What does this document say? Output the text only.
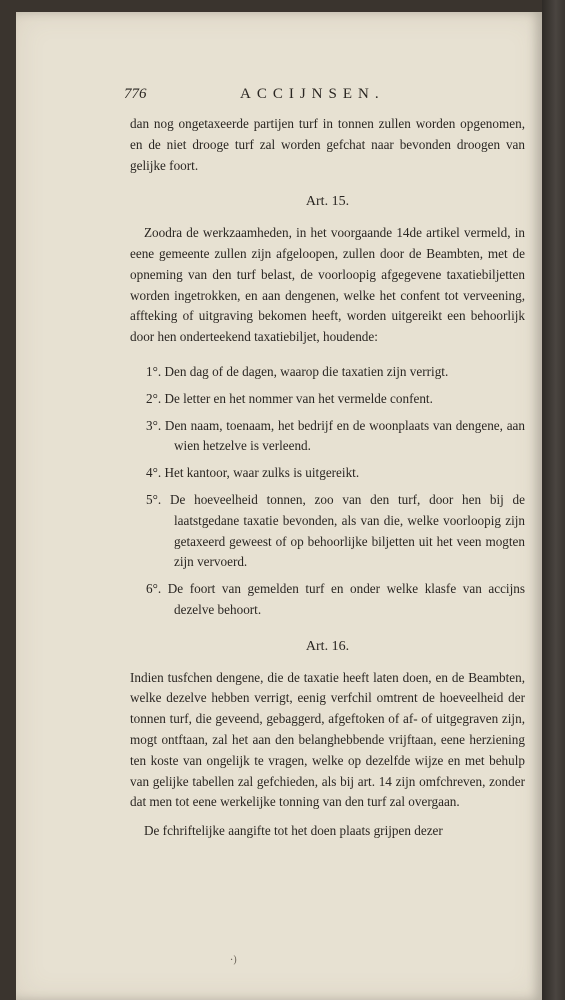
776	ACCIJNSEN.

dan nog ongetaxeerde partijen turf in tonnen zullen worden opgenomen, en de niet drooge turf zal worden gefchat naar bevonden droogen van gelijke foort.

Art. 15.

Zoodra de werkzaamheden, in het voorgaande 14de artikel vermeld, in eene gemeente zullen zijn afgeloopen, zullen door de Beambten, met de opneming van den turf belast, de voorloopig afgegevene taxatiebiljetten worden ingetrokken, en aan dengenen, welke het confent tot verveening, affteking of uitgraving bekomen heeft, worden uitgereikt een behoorlijk door hen onderteekend taxatiebiljet, houdende:

1°. Den dag of de dagen, waarop die taxatien zijn verrigt.
2°. De letter en het nommer van het vermelde confent.
3°. Den naam, toenaam, het bedrijf en de woonplaats van dengene, aan wien hetzelve is verleend.
4°. Het kantoor, waar zulks is uitgereikt.
5°. De hoeveelheid tonnen, zoo van den turf, door hen bij de laatstgedane taxatie bevonden, als van die, welke voorloopig zijn getaxeerd geweest of op behoorlijke biljetten uit het veen mogten zijn vervoerd.
6°. De foort van gemelden turf en onder welke klasfe van accijns dezelve behoort.
Art. 16.

Indien tusfchen dengene, die de taxatie heeft laten doen, en de Beambten, welke dezelve hebben verrigt, eenig verfchil omtrent de hoeveelheid der tonnen turf, die geveend, gebaggerd, afgeftoken of af- of uitgegraven zijn, mogt ontftaan, zal het aan den belanghebbende vrijftaan, eene herziening ten koste van ongelijk te vragen, welke op dezelfde wijze en met behulp van gelijke tabellen zal gefchieden, als bij art. 14 zijn omfchreven, zonder dat men tot eene werkelijke tonning van den turf zal overgaan.

De fchriftelijke aangifte tot het doen plaats grijpen dezer

·)
